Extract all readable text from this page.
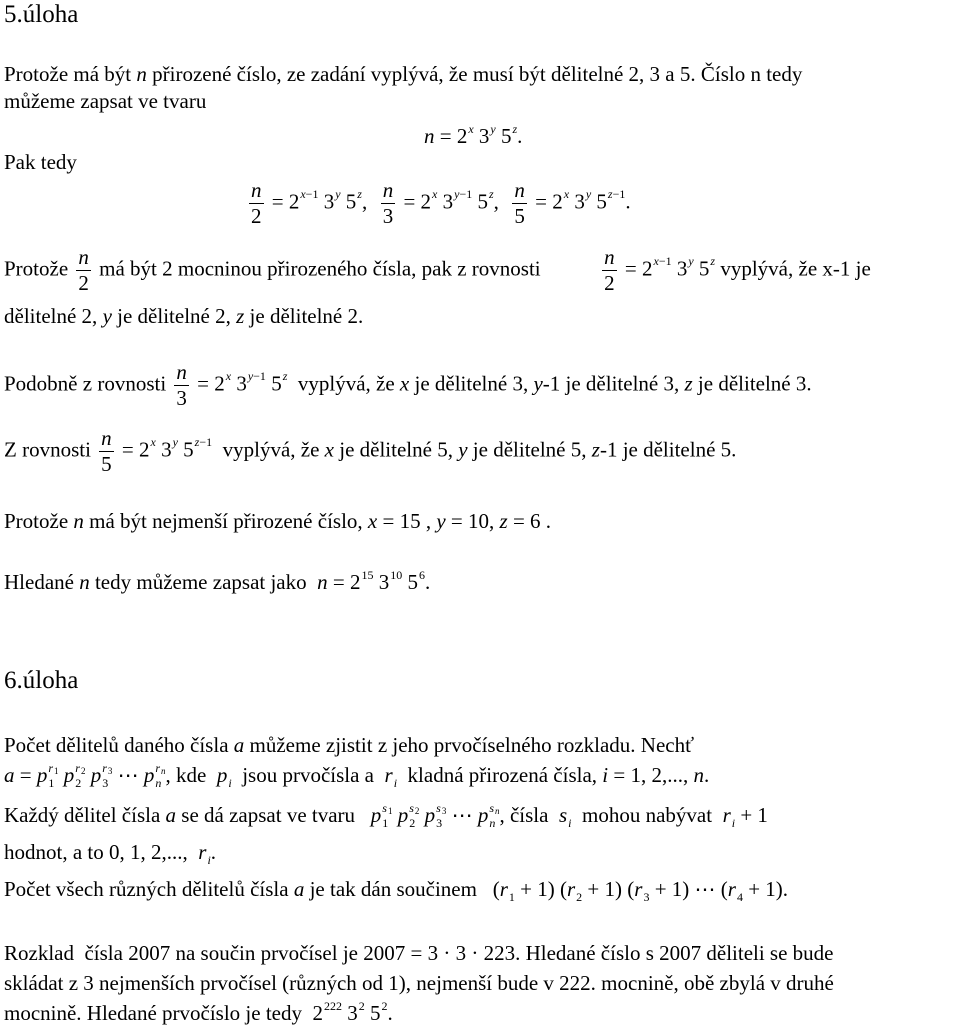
5.úloha
Protože má být n přirozené číslo, ze zadání vyplývá, že musí být dělitelné 2, 3 a 5. Číslo n tedy
můžeme zapsat ve tvaru
$n = 2^x$ 3$^y$ 5$^z$.
Pak tedy
$\frac{n}{2} = 2^{x-1}$ 3$^y$ 5$^z$, $\frac{n}{3} = 2^x$ $3^{y-1}$ 5$^z$, $\frac{n}{5} = 2^x$ 3$^y$ $5^{z-1}$.
Protože $\frac{n}{2}$ má být 2 mocninou přirozeného čísla, pak z rovnosti	$\frac{n}{2} = 2^{x-1}$ 3$^y$ 5$^z$ vyplývá, že x-1 je
dělitelné 2, y je dělitelné 2, z je dělitelné 2.
Podobně z rovnosti $\frac{n}{3} = 2^x$ $3^{y-1}$ 5$^z$  vyplývá, že x je dělitelné 3, y-1 je dělitelné 3, z je dělitelné 3.
Z rovnosti $\frac{n}{5} = 2^x$ 3$^y$ $5^{z-1}$  vyplývá, že x je dělitelné 5, y je dělitelné 5, z-1 je dělitelné 5.
Protože n má být nejmenší přirozené číslo, x = 15 , y = 10, z = 6 .
Hledané n tedy můžeme zapsat jako  $n = 2^{15}$ $3^{10}$ $5^6$.
6.úloha
Počet dělitelů daného čísla a můžeme zjistit z jeho prvočíselného rozkladu. Nechť
$a = p_1^{r_1}$ $p_2^{r_2}$ $p_3^{r_3}$ ⋯ $p_n^{r_n}$, kde  $p_i$  jsou prvočísla a  $r_i$  kladná přirozená čísla, i = 1, 2,..., n.
Každý dělitel čísla a se dá zapsat ve tvaru   $p_1^{s_1}$ $p_2^{s_2}$ $p_3^{s_3}$ ⋯ $p_n^{s_n}$, čísla  $s_i$  mohou nabývat  $r_i + 1$
hodnot, a to 0, 1, 2,...,  $r_i$.
Počet všech různých dělitelů čísla a je tak dán součinem   $(r_1 + 1) (r_2 + 1) (r_3 + 1)$ ⋯ $(r_4 + 1)$.
Rozklad  čísla 2007 na součin prvočísel je 2007 = 3 · 3 · 223. Hledané číslo s 2007 děliteli se bude
skládat z 3 nejmenších prvočísel (různých od 1), nejmenší bude v 222. mocnině, obě zbylá v druhé
mocnině. Hledané prvočíslo je tedy  $2^{222}$ $3^2$ $5^2$.
